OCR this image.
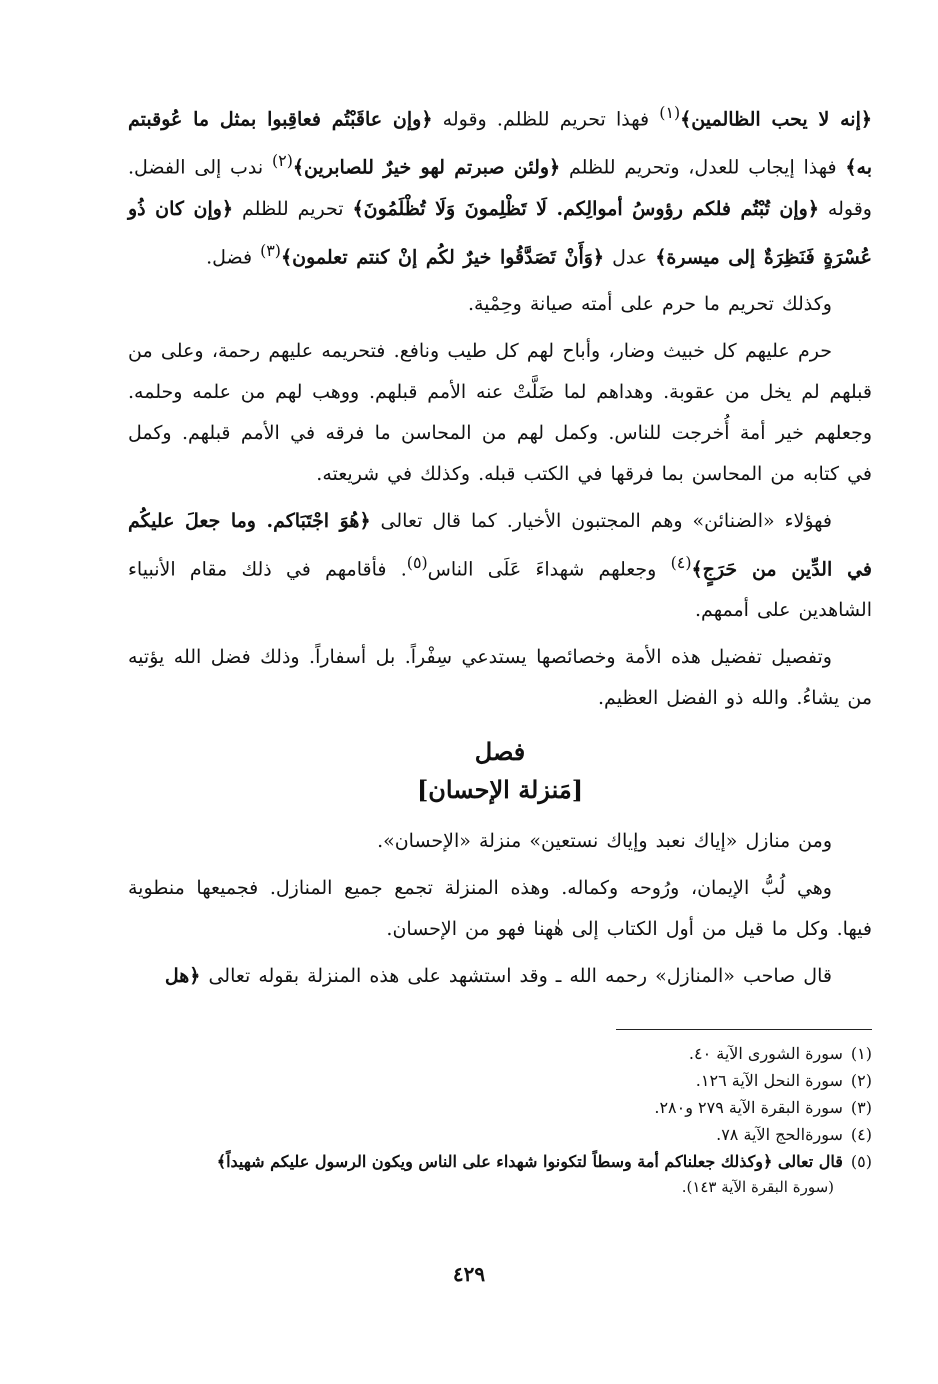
﴿إنه لا يحب الظالمين﴾$^{(١)}$ فهذا تحريم للظلم. وقوله ﴿وإن عاقَبْتُم فعاقِبوا بمثل ما عُوقبتم به﴾ فهذا إيجاب للعدل، وتحريم للظلم ﴿ولئن صبرتم لهو خيرٌ للصابرين﴾$^{(٢)}$ ندب إلى الفضل. وقوله ﴿وإن تُبْتُم فلكم رؤوسُ أموالِكم. لَا تَظْلِمونَ وَلَا تُظْلَمُونَ﴾ تحريم للظلم ﴿وإن كان ذُو عُسْرَةٍ فَنَظِرَةٌ إلى ميسرة﴾ عدل ﴿وَأَنْ تَصَدَّقُوا خيرٌ لكُم إنْ كنتم تعلمون﴾$^{(٣)}$ فضل.

وكذلك تحريم ما حرم على أمته صيانة وحِمْية.

حرم عليهم كل خبيث وضار، وأباح لهم كل طيب ونافع. فتحريمه عليهم رحمة، وعلى من قبلهم لم يخل من عقوبة. وهداهم لما ضَلَّتْ عنه الأمم قبلهم. ووهب لهم من علمه وحلمه. وجعلهم خير أمة أُخرجت للناس. وكمل لهم من المحاسن ما فرقه في الأمم قبلهم. وكمل في كتابه من المحاسن بما فرقها في الكتب قبله. وكذلك في شريعته.

فهؤلاء «الضنائن» وهم المجتبون الأخيار. كما قال تعالى ﴿هُوَ اجْتَبَاكم. وما جعلَ عليكُم في الدِّين من حَرَجٍ﴾$^{(٤)}$ وجعلهم شهداءَ عَلَى الناس$^{(٥)}$. فأقامهم في ذلك مقام الأنبياء الشاهدين على أممهم.

وتفصيل تفضيل هذه الأمة وخصائصها يستدعي سِفْراً. بل أسفاراً. وذلك فضل الله يؤتيه من يشاءُ. والله ذو الفضل العظيم.

فصل
[مَنزلة الإحسان]

ومن منازل «إياك نعبد وإياك نستعين» منزلة «الإحسان».

وهي لُبُّ الإيمان، ورُوحه وكماله. وهذه المنزلة تجمع جميع المنازل. فجميعها منطوية فيها. وكل ما قيل من أول الكتاب إلى هٰهنا فهو من الإحسان.

قال صاحب «المنازل» رحمه الله ـ وقد استشهد على هذه المنزلة بقوله تعالى ﴿هل

(١)سورة الشورى الآية ٤٠.
(٢)سورة النحل الآية ١٢٦.
(٣)سورة البقرة الآية ٢٧٩ و٢٨٠.
(٤)سورةالحج الآية ٧٨.
(٥)قال تعالى ﴿وكذلك جعلناكم أمة وسطاً لتكونوا شهداء على الناس ويكون الرسول عليكم شهيداً﴾
(سورة البقرة الآية ١٤٣).
٤٢٩
